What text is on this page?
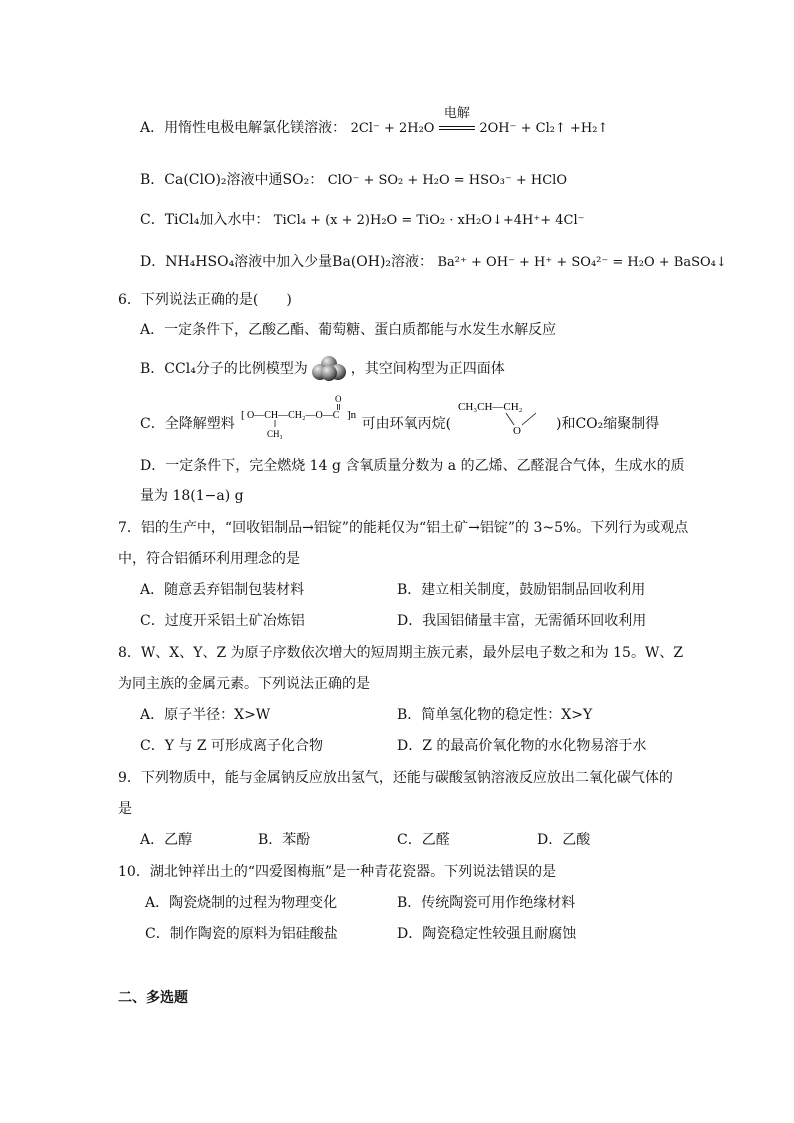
A．用惰性电极电解氯化镁溶液： 2Cl⁻ + 2H₂O
电解
2OH⁻ + Cl₂↑ +H₂↑
B．Ca(ClO)₂溶液中通SO₂： ClO⁻ + SO₂ + H₂O = HSO₃⁻ + HClO
C．TiCl₄加入水中： TiCl₄ + (x + 2)H₂O = TiO₂ · xH₂O↓+4H⁺+ 4Cl⁻
D．NH₄HSO₄溶液中加入少量Ba(OH)₂溶液： Ba²⁺ + OH⁻ + H⁺ + SO₄²⁻ = H₂O + BaSO₄↓
6．下列说法正确的是(　　)
A．一定条件下，乙酸乙酯、葡萄糖、蛋白质都能与水发生水解反应
B．CCl₄分子的比例模型为	，其空间构型为正四面体
C．全降解塑料
[ O—CH—CH₂—O—C
O
]n
CH₃
可由环氧丙烷(
CH₃CH—CH₂
O	)和CO₂缩聚制得
D．一定条件下，完全燃烧 14 g 含氧质量分数为 a 的乙烯、乙醛混合气体，生成水的质
量为 18(1−a) g
7．铝的生产中，“回收铝制品→铝锭”的能耗仅为“铝土矿→铝锭”的 3~5%。下列行为或观点
中，符合铝循环利用理念的是
A．随意丢弃铝制包装材料	B．建立相关制度，鼓励铝制品回收利用
C．过度开采铝土矿冶炼铝	D．我国铝储量丰富，无需循环回收利用
8．W、X、Y、Z 为原子序数依次增大的短周期主族元素，最外层电子数之和为 15。W、Z
为同主族的金属元素。下列说法正确的是
A．原子半径：X>W	B．简单氢化物的稳定性：X>Y
C．Y 与 Z 可形成离子化合物	D．Z 的最高价氧化物的水化物易溶于水
9．下列物质中，能与金属钠反应放出氢气，还能与碳酸氢钠溶液反应放出二氧化碳气体的
是
A．乙醇	B．苯酚	C．乙醛	D．乙酸
10．湖北钟祥出土的“四爱图梅瓶”是一种青花瓷器。下列说法错误的是
A．陶瓷烧制的过程为物理变化	B．传统陶瓷可用作绝缘材料
C．制作陶瓷的原料为铝硅酸盐	D．陶瓷稳定性较强且耐腐蚀
二、多选题
